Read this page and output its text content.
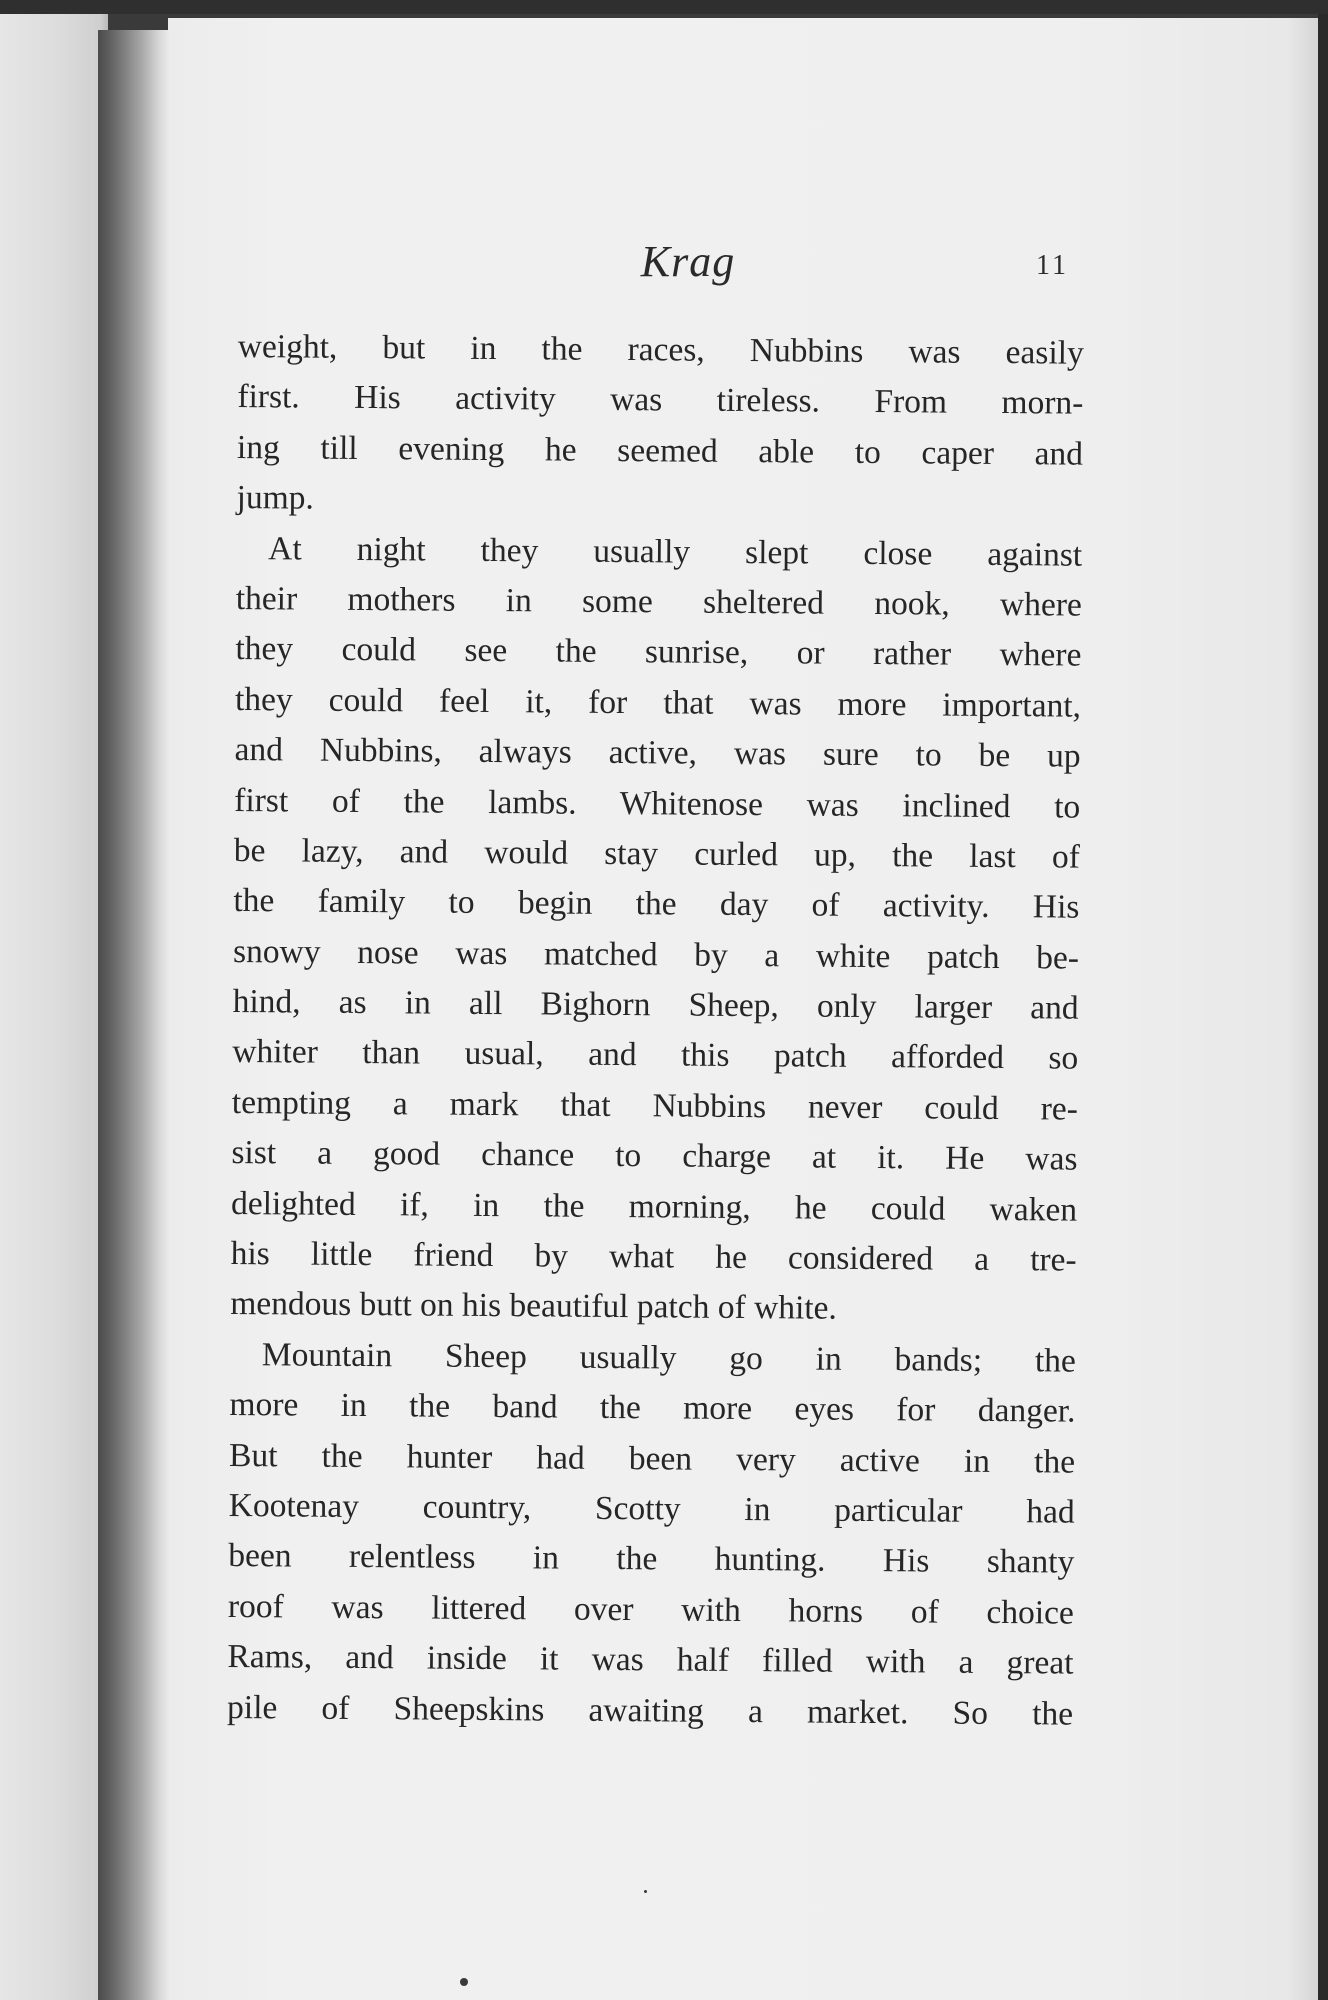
Krag	11
weight, but in the races, Nubbins was easily
first. His activity was tireless. From morn-
ing till evening he seemed able to caper and
jump.
At night they usually slept close against
their mothers in some sheltered nook, where
they could see the sunrise, or rather where
they could feel it, for that was more important,
and Nubbins, always active, was sure to be up
first of the lambs. Whitenose was inclined to
be lazy, and would stay curled up, the last of
the family to begin the day of activity. His
snowy nose was matched by a white patch be-
hind, as in all Bighorn Sheep, only larger and
whiter than usual, and this patch afforded so
tempting a mark that Nubbins never could re-
sist a good chance to charge at it. He was
delighted if, in the morning, he could waken
his little friend by what he considered a tre-
mendous butt on his beautiful patch of white.
Mountain Sheep usually go in bands; the
more in the band the more eyes for danger.
But the hunter had been very active in the
Kootenay country, Scotty in particular had
been relentless in the hunting. His shanty
roof was littered over with horns of choice
Rams, and inside it was half filled with a great
pile of Sheepskins awaiting a market. So the
